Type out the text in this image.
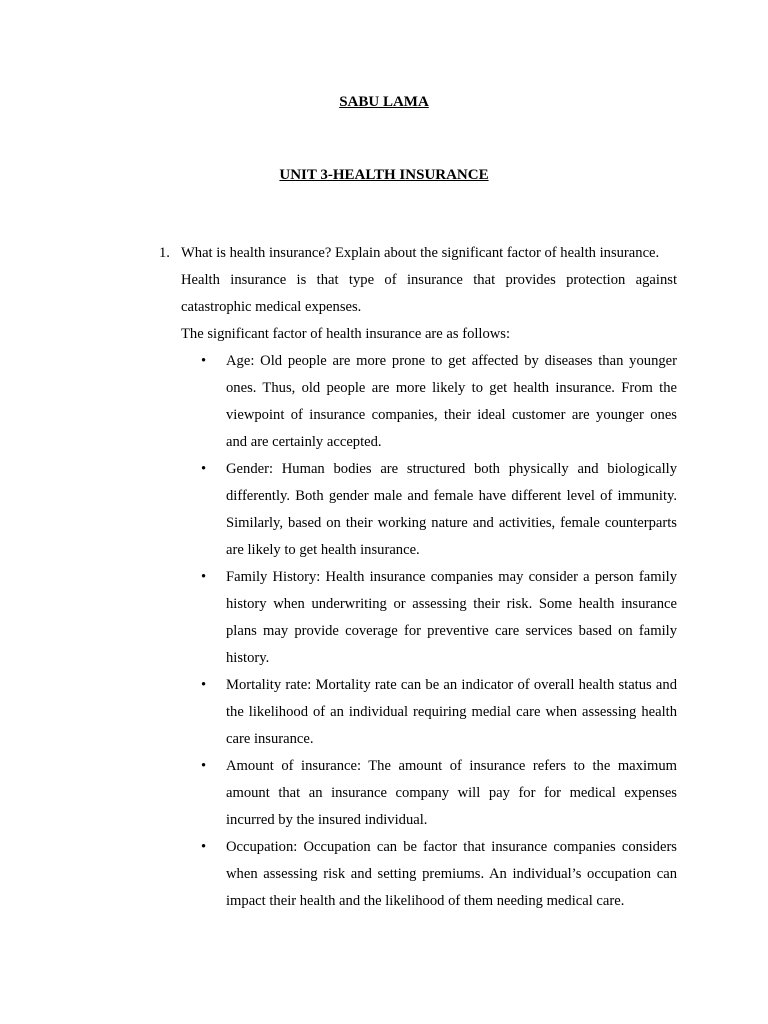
SABU LAMA
UNIT 3-HEALTH INSURANCE
1. What is health insurance? Explain about the significant factor of health insurance.
Health insurance is that type of insurance that provides protection against catastrophic medical expenses.
The significant factor of health insurance are as follows:
• Age: Old people are more prone to get affected by diseases than younger ones. Thus, old people are more likely to get health insurance. From the viewpoint of insurance companies, their ideal customer are younger ones and are certainly accepted.
• Gender: Human bodies are structured both physically and biologically differently. Both gender male and female have different level of immunity. Similarly, based on their working nature and activities, female counterparts are likely to get health insurance.
• Family History: Health insurance companies may consider a person family history when underwriting or assessing their risk. Some health insurance plans may provide coverage for preventive care services based on family history.
• Mortality rate: Mortality rate can be an indicator of overall health status and the likelihood of an individual requiring medial care when assessing health care insurance.
• Amount of insurance: The amount of insurance refers to the maximum amount that an insurance company will pay for for medical expenses incurred by the insured individual.
• Occupation: Occupation can be factor that insurance companies considers when assessing risk and setting premiums. An individual’s occupation can impact their health and the likelihood of them needing medical care.
